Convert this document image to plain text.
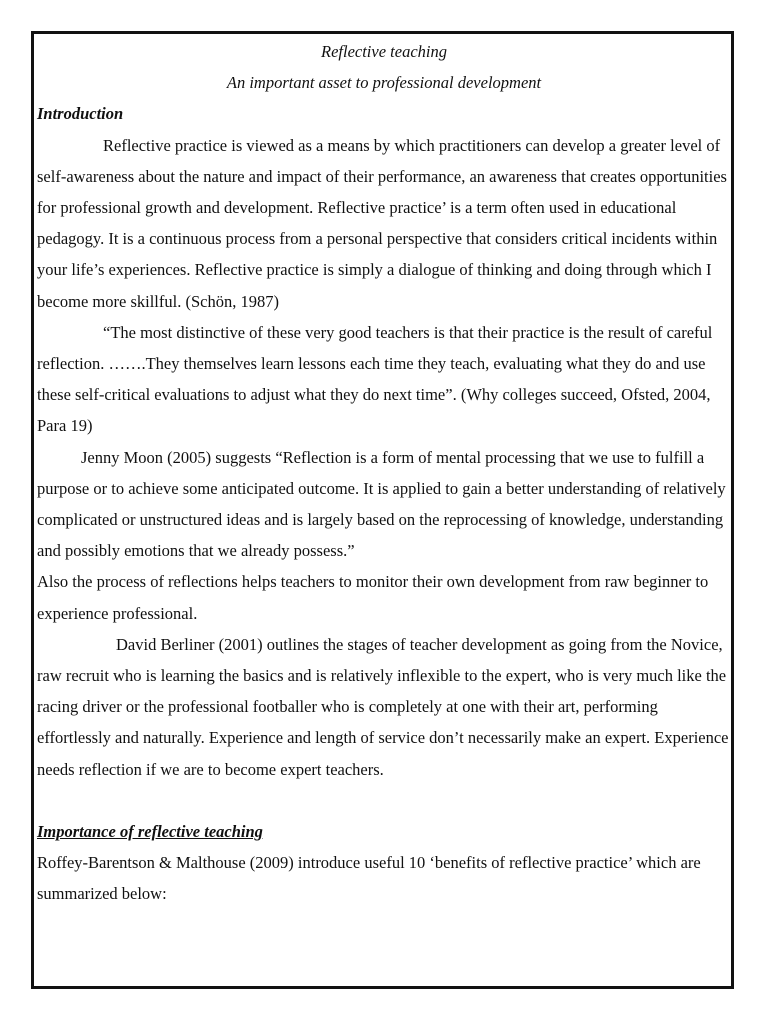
Reflective teaching

An important asset to professional development

Introduction

Reflective practice is viewed as a means by which practitioners can develop a greater level of self-awareness about the nature and impact of their performance, an awareness that creates opportunities for professional growth and development. Reflective practice’ is a term often used in educational pedagogy. It is a continuous process from a personal perspective that considers critical incidents within your life’s experiences. Reflective practice is simply a dialogue of thinking and doing through which I become more skillful. (Schön, 1987)

“The most distinctive of these very good teachers is that their practice is the result of careful reflection. …….They themselves learn lessons each time they teach, evaluating what they do and use these self-critical evaluations to adjust what they do next time”. (Why colleges succeed, Ofsted, 2004, Para 19)

Jenny Moon (2005) suggests “Reflection is a form of mental processing that we use to fulfill a purpose or to achieve some anticipated outcome. It is applied to gain a better understanding of relatively complicated or unstructured ideas and is largely based on the reprocessing of knowledge, understanding and possibly emotions that we already possess.”

Also the process of reflections helps teachers to monitor their own development from raw beginner to experience professional.

David Berliner (2001) outlines the stages of teacher development as going from the Novice, raw recruit who is learning the basics and is relatively inflexible to the expert, who is very much like the racing driver or the professional footballer who is completely at one with their art, performing effortlessly and naturally. Experience and length of service don’t necessarily make an expert. Experience needs reflection if we are to become expert teachers.

Importance of reflective teaching

Roffey-Barentson & Malthouse (2009) introduce useful 10 ‘benefits of reflective practice’ which are summarized below:
